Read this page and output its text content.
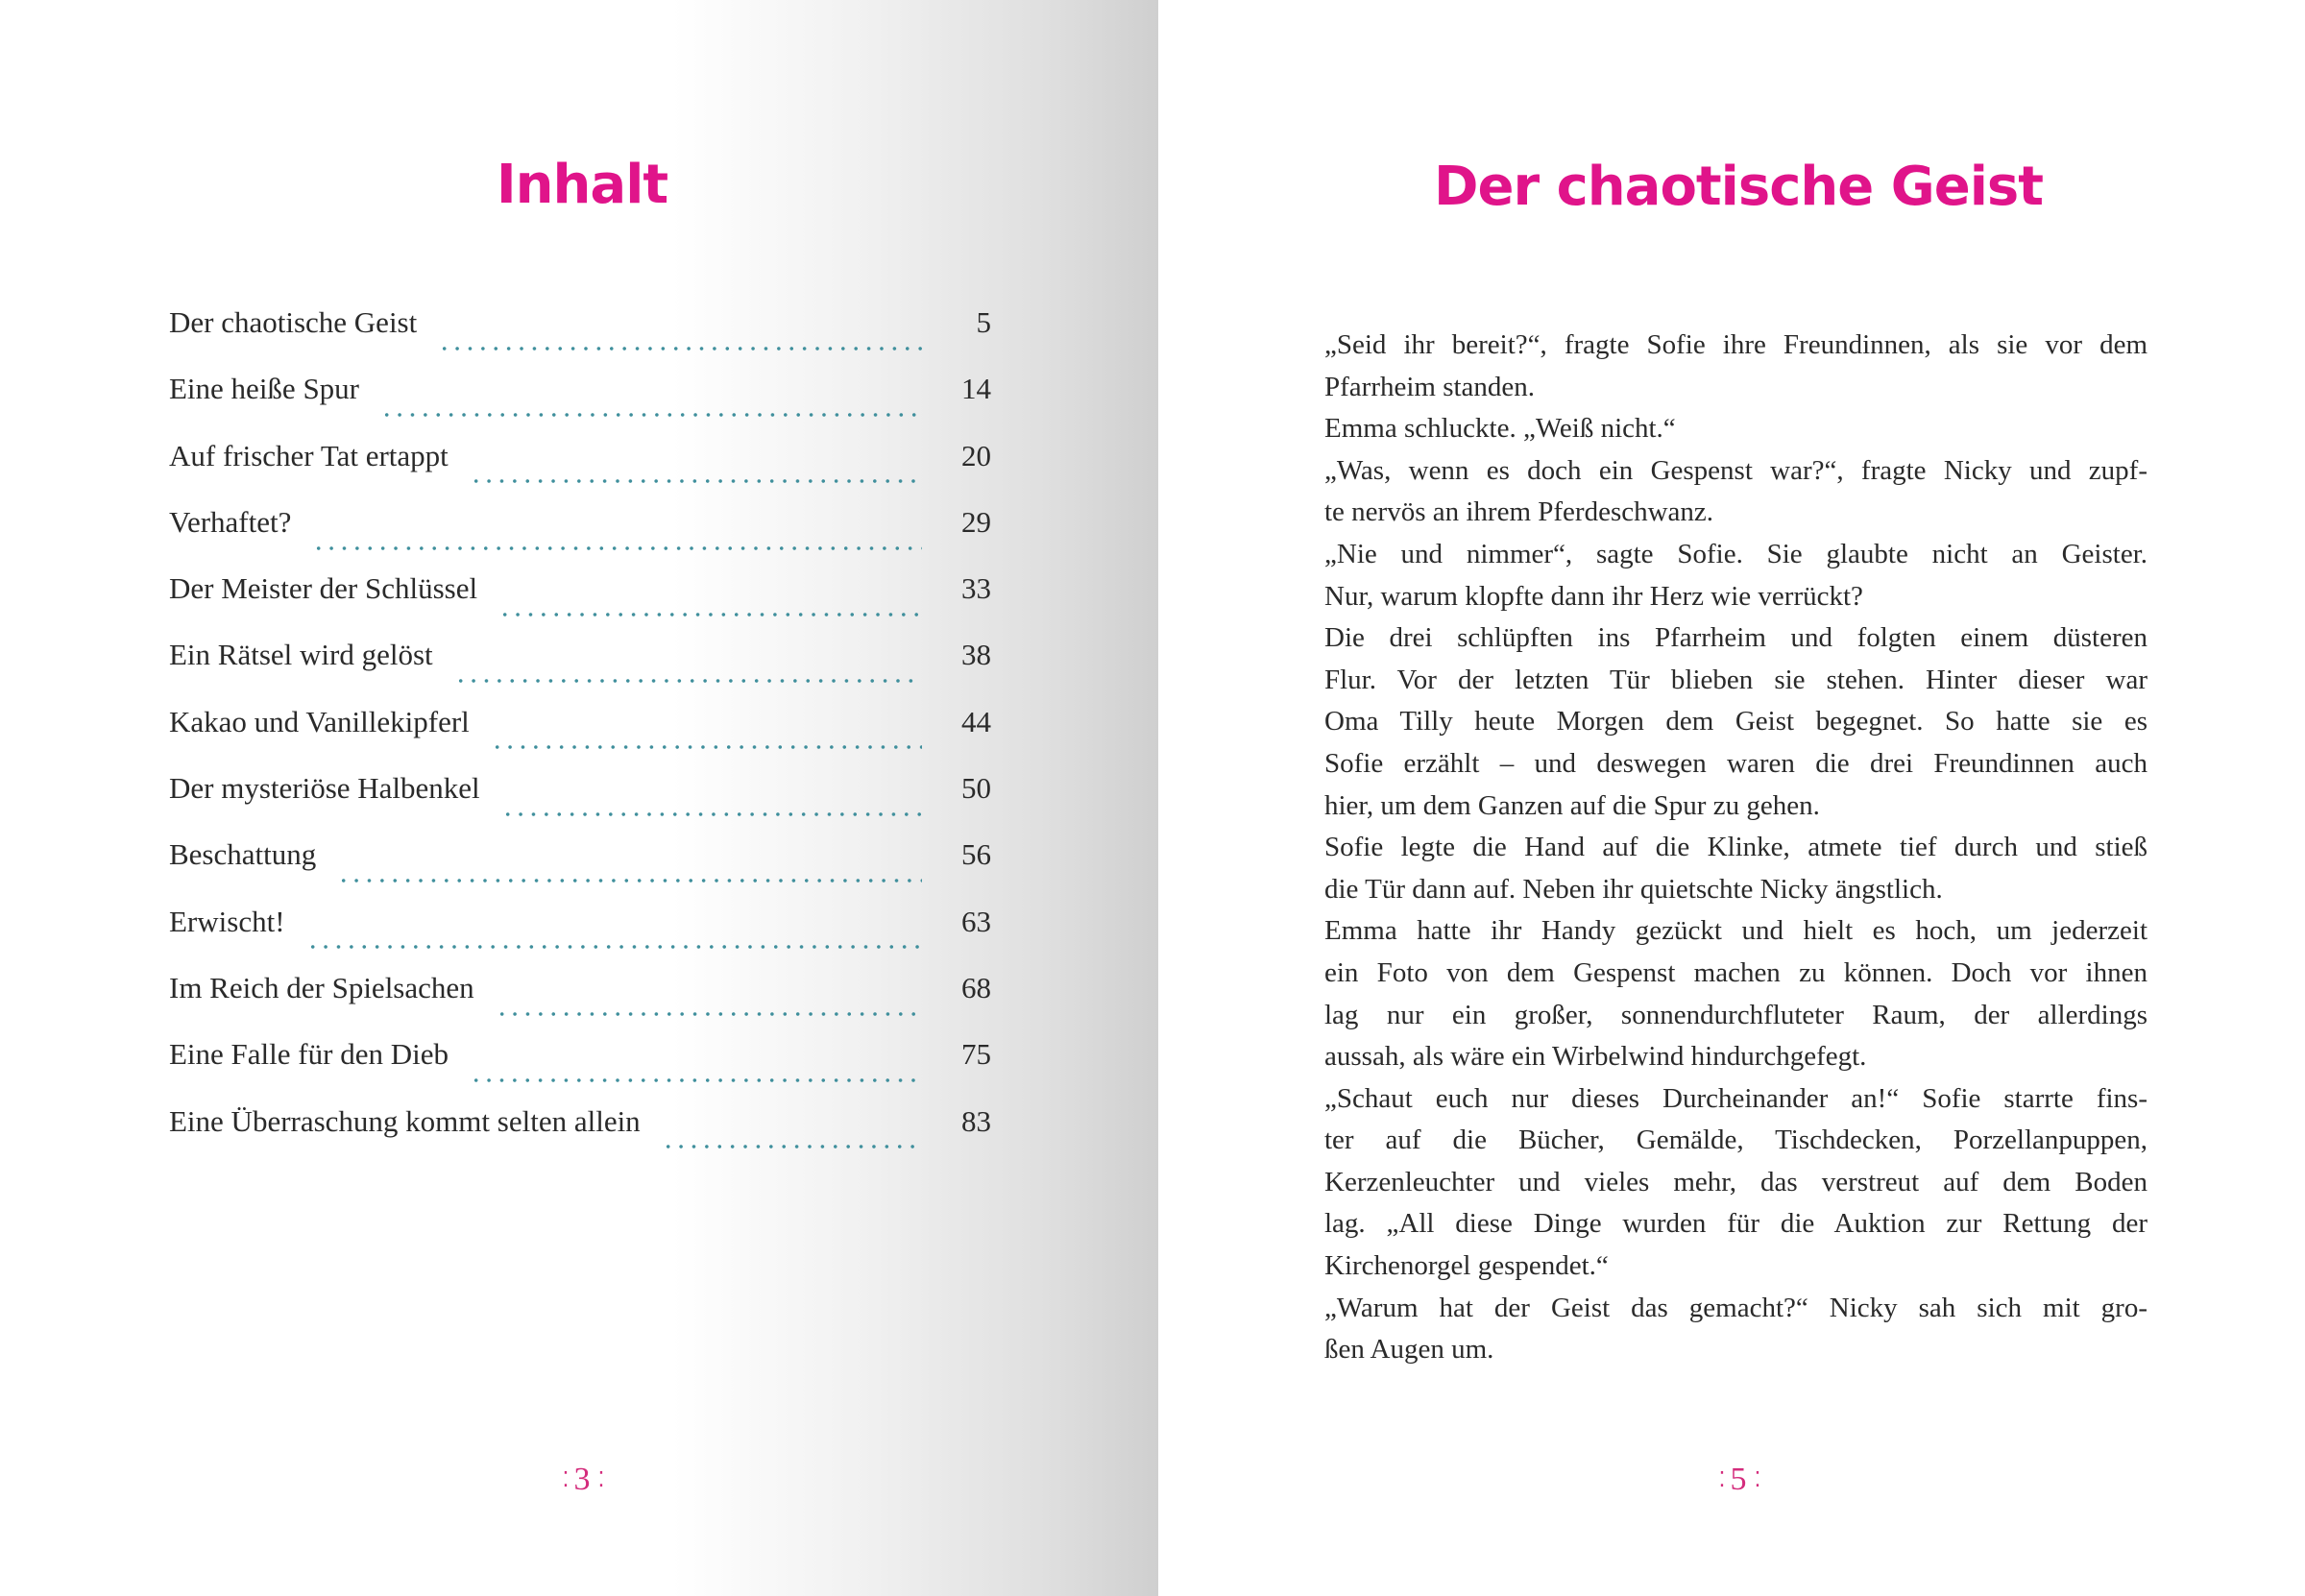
Inhalt
Der chaotische Geist	5
Eine heiße Spur	14
Auf frischer Tat ertappt	20
Verhaftet?	29
Der Meister der Schlüssel	33
Ein Rätsel wird gelöst	38
Kakao und Vanillekipferl	44
Der mysteriöse Halbenkel	50
Beschattung	56
Erwischt!	63
Im Reich der Spielsachen	68
Eine Falle für den Dieb	75
Eine Überraschung kommt selten allein	83
⁚ 3 ⁚
Der chaotische Geist
„Seid ihr bereit?“, fragte Sofie ihre Freundinnen, als sie vor dem
Pfarrheim standen.
Emma schluckte. „Weiß nicht.“
„Was, wenn es doch ein Gespenst war?“, fragte Nicky und zupf-
te nervös an ihrem Pferdeschwanz.
„Nie und nimmer“, sagte Sofie. Sie glaubte nicht an Geister.
Nur, warum klopfte dann ihr Herz wie verrückt?
Die drei schlüpften ins Pfarrheim und folgten einem düsteren
Flur. Vor der letzten Tür blieben sie stehen. Hinter dieser war
Oma Tilly heute Morgen dem Geist begegnet. So hatte sie es
Sofie erzählt – und deswegen waren die drei Freundinnen auch
hier, um dem Ganzen auf die Spur zu gehen.
Sofie legte die Hand auf die Klinke, atmete tief durch und stieß
die Tür dann auf. Neben ihr quietschte Nicky ängstlich.
Emma hatte ihr Handy gezückt und hielt es hoch, um jederzeit
ein Foto von dem Gespenst machen zu können. Doch vor ihnen
lag nur ein großer, sonnendurchfluteter Raum, der allerdings
aussah, als wäre ein Wirbelwind hindurchgefegt.
„Schaut euch nur dieses Durcheinander an!“ Sofie starrte fins-
ter auf die Bücher, Gemälde, Tischdecken, Porzellanpuppen,
Kerzenleuchter und vieles mehr, das verstreut auf dem Boden
lag. „All diese Dinge wurden für die Auktion zur Rettung der
Kirchenorgel gespendet.“
„Warum hat der Geist das gemacht?“ Nicky sah sich mit gro-
ßen Augen um.
⁚ 5 ⁚
